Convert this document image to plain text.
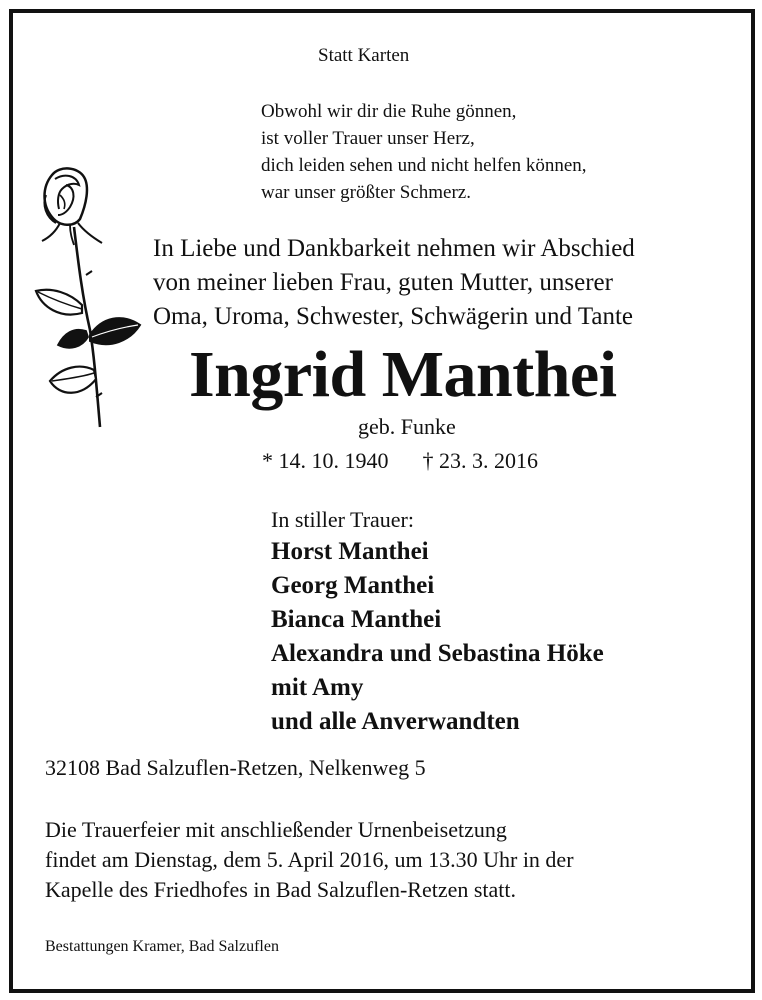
Statt Karten
Obwohl wir dir die Ruhe gönnen,
ist voller Trauer unser Herz,
dich leiden sehen und nicht helfen können,
war unser größter Schmerz.
In Liebe und Dankbarkeit nehmen wir Abschied
von meiner lieben Frau, guten Mutter, unserer
Oma, Uroma, Schwester, Schwägerin und Tante
Ingrid Manthei
geb. Funke
* 14. 10. 1940 † 23. 3. 2016
In stiller Trauer:
Horst Manthei
Georg Manthei
Bianca Manthei
Alexandra und Sebastina Höke
mit Amy
und alle Anverwandten
32108 Bad Salzuflen-Retzen, Nelkenweg 5
Die Trauerfeier mit anschließender Urnenbeisetzung
findet am Dienstag, dem 5. April 2016, um 13.30 Uhr in der
Kapelle des Friedhofes in Bad Salzuflen-Retzen statt.
Bestattungen Kramer, Bad Salzuflen
